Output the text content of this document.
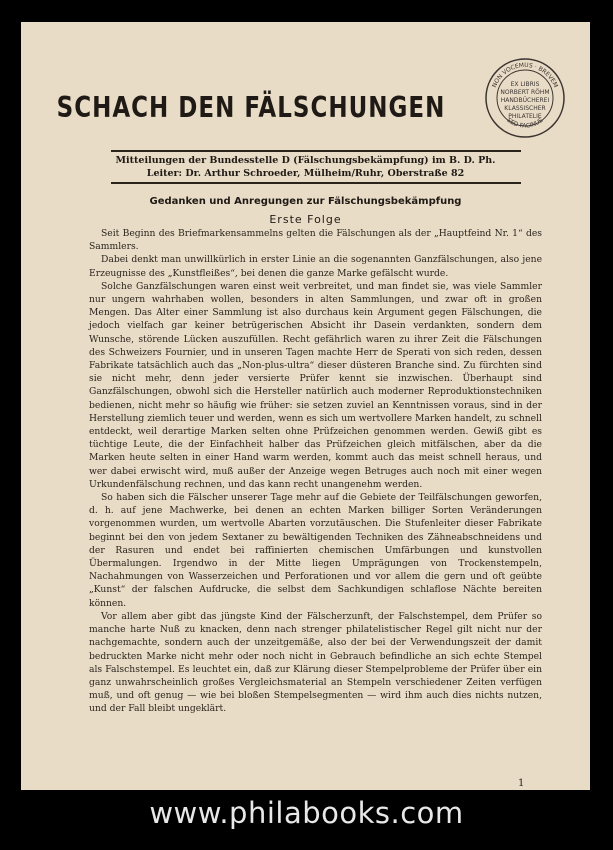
NON VOCEMUS · BREVEM
SED FACINUS
EX LIBRIS
NORBERT RÖHM
HANDBÜCHEREI
KLASSISCHER
PHILATELIE
SCHACH DEN FÄLSCHUNGEN
Mitteilungen der Bundesstelle D (Fälschungsbekämpfung) im B. D. Ph.
Leiter: Dr. Arthur Schroeder, Mülheim/Ruhr, Oberstraße 82
Gedanken und Anregungen zur Fälschungsbekämpfung
Erste Folge

Seit Beginn des Briefmarkensammelns gelten die Fälschungen als der „Hauptfeind Nr. 1“ des Sammlers.

Dabei denkt man unwillkürlich in erster Linie an die sogenannten Ganzfälschungen, also jene Erzeugnisse des „Kunstfleißes“, bei denen die ganze Marke gefälscht wurde.

Solche Ganzfälschungen waren einst weit verbreitet, und man findet sie, was viele Sammler nur ungern wahrhaben wollen, besonders in alten Sammlungen, und zwar oft in großen Mengen. Das Alter einer Sammlung ist also durchaus kein Argument gegen Fälschungen, die jedoch vielfach gar keiner betrügerischen Absicht ihr Dasein verdankten, sondern dem Wunsche, störende Lücken auszufüllen. Recht gefährlich waren zu ihrer Zeit die Fälschungen des Schweizers Fournier, und in unseren Tagen machte Herr de Sperati von sich reden, dessen Fabrikate tatsächlich auch das „Non-plus-ultra“ dieser düsteren Branche sind. Zu fürchten sind sie nicht mehr, denn jeder versierte Prüfer kennt sie inzwischen. Überhaupt sind Ganzfälschungen, obwohl sich die Hersteller natürlich auch moderner Reproduktionstechniken bedienen, nicht mehr so häufig wie früher: sie setzen zuviel an Kenntnissen voraus, sind in der Herstellung ziemlich teuer und werden, wenn es sich um wertvollere Marken handelt, zu schnell entdeckt, weil derartige Marken selten ohne Prüfzeichen genommen werden. Gewiß gibt es tüchtige Leute, die der Einfachheit halber das Prüfzeichen gleich mitfälschen, aber da die Marken heute selten in einer Hand warm werden, kommt auch das meist schnell heraus, und wer dabei erwischt wird, muß außer der Anzeige wegen Betruges auch noch mit einer wegen Urkundenfälschung rechnen, und das kann recht unangenehm werden.

So haben sich die Fälscher unserer Tage mehr auf die Gebiete der Teilfälschungen geworfen, d. h. auf jene Machwerke, bei denen an echten Marken billiger Sorten Veränderungen vorgenommen wurden, um wertvolle Abarten vorzutäuschen. Die Stufenleiter dieser Fabrikate beginnt bei den von jedem Sextaner zu bewältigenden Techniken des Zähneabschneidens und der Rasuren und endet bei raffinierten chemischen Umfärbungen und kunstvollen Übermalungen. Irgendwo in der Mitte liegen Umprägungen von Trockenstempeln, Nachahmungen von Wasserzeichen und Perforationen und vor allem die gern und oft geübte „Kunst“ der falschen Aufdrucke, die selbst dem Sachkundigen schlaflose Nächte bereiten können.

Vor allem aber gibt das jüngste Kind der Fälscherzunft, der Falschstempel, dem Prüfer so manche harte Nuß zu knacken, denn nach strenger philatelistischer Regel gilt nicht nur der nachgemachte, sondern auch der unzeitgemäße, also der bei der Verwendungszeit der damit bedruckten Marke nicht mehr oder noch nicht in Gebrauch befindliche an sich echte Stempel als Falschstempel. Es leuchtet ein, daß zur Klärung dieser Stempelprobleme der Prüfer über ein ganz unwahrscheinlich großes Vergleichsmaterial an Stempeln verschiedener Zeiten verfügen muß, und oft genug — wie bei bloßen Stempelsegmenten — wird ihm auch dies nichts nutzen, und der Fall bleibt ungeklärt.

1
www.philabooks.com
